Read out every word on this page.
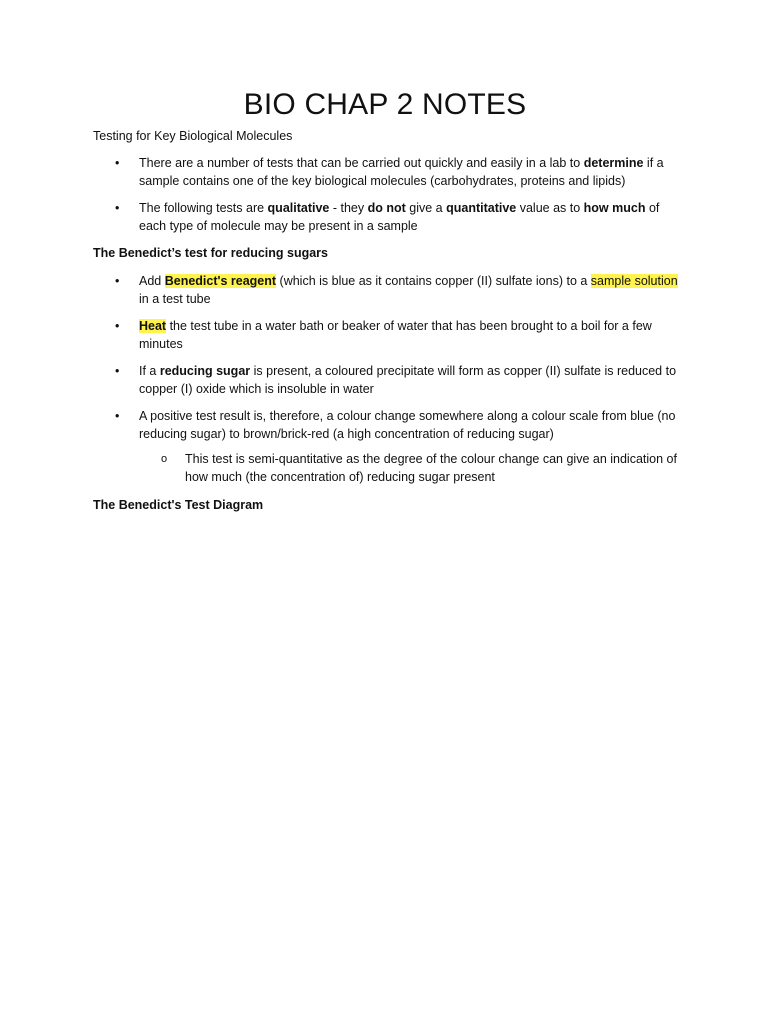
BIO CHAP 2 NOTES

Testing for Key Biological Molecules

• There are a number of tests that can be carried out quickly and easily in a lab to determine if a sample contains one of the key biological molecules (carbohydrates, proteins and lipids)
• The following tests are qualitative - they do not give a quantitative value as to how much of each type of molecule may be present in a sample

The Benedict’s test for reducing sugars

• Add Benedict's reagent (which is blue as it contains copper (II) sulfate ions) to a sample solution in a test tube
• Heat the test tube in a water bath or beaker of water that has been brought to a boil for a few minutes
• If a reducing sugar is present, a coloured precipitate will form as copper (II) sulfate is reduced to copper (I) oxide which is insoluble in water
• A positive test result is, therefore, a colour change somewhere along a colour scale from blue (no reducing sugar) to brown/brick-red (a high concentration of reducing sugar)
o This test is semi-quantitative as the degree of the colour change can give an indication of how much (the concentration of) reducing sugar present

The Benedict's Test Diagram
